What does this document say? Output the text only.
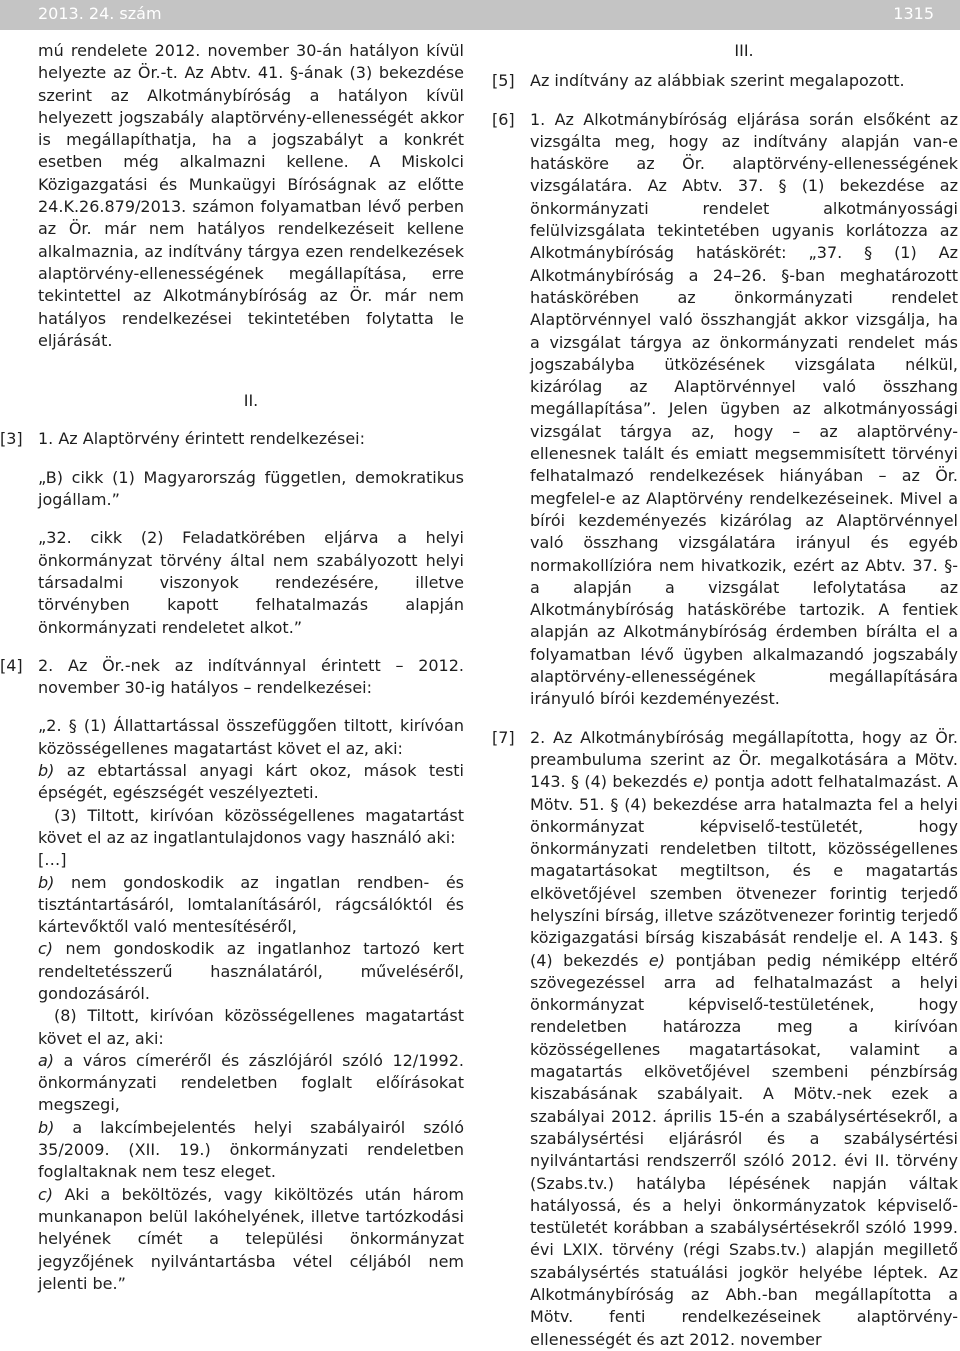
2013. 24. szám	1315

mú rendelete 2012. november 30-án hatályon kívül helyezte az Ör.-t. Az Abtv. 41. §-ának (3) bekezdése szerint az Alkotmánybíróság a hatályon kívül helyezett jogszabály alaptörvény-ellenességét akkor is megállapíthatja, ha a jogszabályt a konkrét esetben még alkalmazni kellene. A Miskolci Közigazgatási és Munkaügyi Bíróságnak az előtte 24.K.26.879/2013. számon folyamatban lévő perben az Ör. már nem hatályos rendelkezéseit kellene alkalmaznia, az indítvány tárgya ezen rendelkezések alaptörvény-ellenességének megállapítása, erre tekintettel az Alkotmánybíróság az Ör. már nem hatályos rendelkezései tekintetében folytatta le eljárását.

II.

[3] 1. Az Alaptörvény érintett rendelkezései:

„B) cikk (1) Magyarország független, demokratikus jogállam.”

„32. cikk (2) Feladatkörében eljárva a helyi önkormányzat törvény által nem szabályozott helyi társadalmi viszonyok rendezésére, illetve törvényben kapott felhatalmazás alapján önkormányzati rendeletet alkot.”

[4] 2. Az Ör.-nek az indítvánnyal érintett – 2012. november 30-ig hatályos – rendelkezései:

„2. § (1) Állattartással összefüggően tiltott, kirívóan közösségellenes magatartást követ el az, aki:

b) az ebtartással anyagi kárt okoz, mások testi épségét, egészségét veszélyezteti.

(3) Tiltott, kirívóan közösségellenes magatartást követ el az az ingatlantulajdonos vagy használó aki:

[…]

b) nem gondoskodik az ingatlan rendben- és tisztántartásáról, lomtalanításáról, rágcsálóktól és kártevőktől való mentesítéséről,

c) nem gondoskodik az ingatlanhoz tartozó kert rendeltetésszerű használatáról, műveléséről, gondozásáról.

(8) Tiltott, kirívóan közösségellenes magatartást követ el az, aki:

a) a város címeréről és zászlójáról szóló 12/1992. önkormányzati rendeletben foglalt előírásokat megszegi,

b) a lakcímbejelentés helyi szabályairól szóló 35/2009. (XII. 19.) önkormányzati rendeletben foglaltaknak nem tesz eleget.

c) Aki a beköltözés, vagy kiköltözés után három munkanapon belül lakóhelyének, illetve tartózkodási helyének címét a települési önkormányzat jegyzőjének nyilvántartásba vétel céljából nem jelenti be.”

III.

[5] Az indítvány az alábbiak szerint megalapozott.

[6] 1. Az Alkotmánybíróság eljárása során elsőként az vizsgálta meg, hogy az indítvány alapján van-e hatásköre az Ör. alaptörvény-ellenességének vizsgálatára. Az Abtv. 37. § (1) bekezdése az önkormányzati rendelet alkotmányossági felülvizsgálata tekintetében ugyanis korlátozza az Alkotmánybíróság hatáskörét: „37. § (1) Az Alkotmánybíróság a 24–26. §-ban meghatározott hatáskörében az önkormányzati rendelet Alaptörvénnyel való összhangját akkor vizsgálja, ha a vizsgálat tárgya az önkormányzati rendelet más jogszabályba ütközésének vizsgálata nélkül, kizárólag az Alaptörvénnyel való összhang megállapítása”. Jelen ügyben az alkotmányossági vizsgálat tárgya az, hogy – az alaptörvény-ellenesnek talált és emiatt megsemmisített törvényi felhatalmazó rendelkezések hiányában – az Ör. megfelel-e az Alaptörvény rendelkezéseinek. Mivel a bírói kezdeményezés kizárólag az Alaptörvénnyel való összhang vizsgálatára irányul és egyéb normakollízióra nem hivatkozik, ezért az Abtv. 37. §-a alapján a vizsgálat lefolytatása az Alkotmánybíróság hatáskörébe tartozik. A fentiek alapján az Alkotmánybíróság érdemben bírálta el a folyamatban lévő ügyben alkalmazandó jogszabály alaptörvény-ellenességének megállapítására irányuló bírói kezdeményezést.

[7] 2. Az Alkotmánybíróság megállapította, hogy az Ör. preambuluma szerint az Ör. megalkotására a Mötv. 143. § (4) bekezdés e) pontja adott felhatalmazást. A Mötv. 51. § (4) bekezdése arra hatalmazta fel a helyi önkormányzat képviselő-testületét, hogy önkormányzati rendeletben tiltott, közösségellenes magatartásokat megtiltson, és e magatartás elkövetőjével szemben ötvenezer forintig terjedő helyszíni bírság, illetve százötvenezer forintig terjedő közigazgatási bírság kiszabását rendelje el. A 143. § (4) bekezdés e) pontjában pedig némiképp eltérő szövegezéssel arra ad felhatalmazást a helyi önkormányzat képviselő-testületének, hogy rendeletben határozza meg a kirívóan közösségellenes magatartásokat, valamint a magatartás elkövetőjével szembeni pénzbírság kiszabásának szabályait. A Mötv.-nek ezek a szabályai 2012. április 15-én a szabálysértésekről, a szabálysértési eljárásról és a szabálysértési nyilvántartási rendszerről szóló 2012. évi II. törvény (Szabs.tv.) hatályba lépésének napján váltak hatályossá, és a helyi önkormányzatok képviselő-testületét korábban a szabálysértésekről szóló 1999. évi LXIX. törvény (régi Szabs.tv.) alapján megillető szabálysértés statuálási jogkör helyébe léptek. Az Alkotmánybíróság az Abh.-ban megállapította a Mötv. fenti rendelkezéseinek alaptörvény-ellenességét és azt 2012. november
